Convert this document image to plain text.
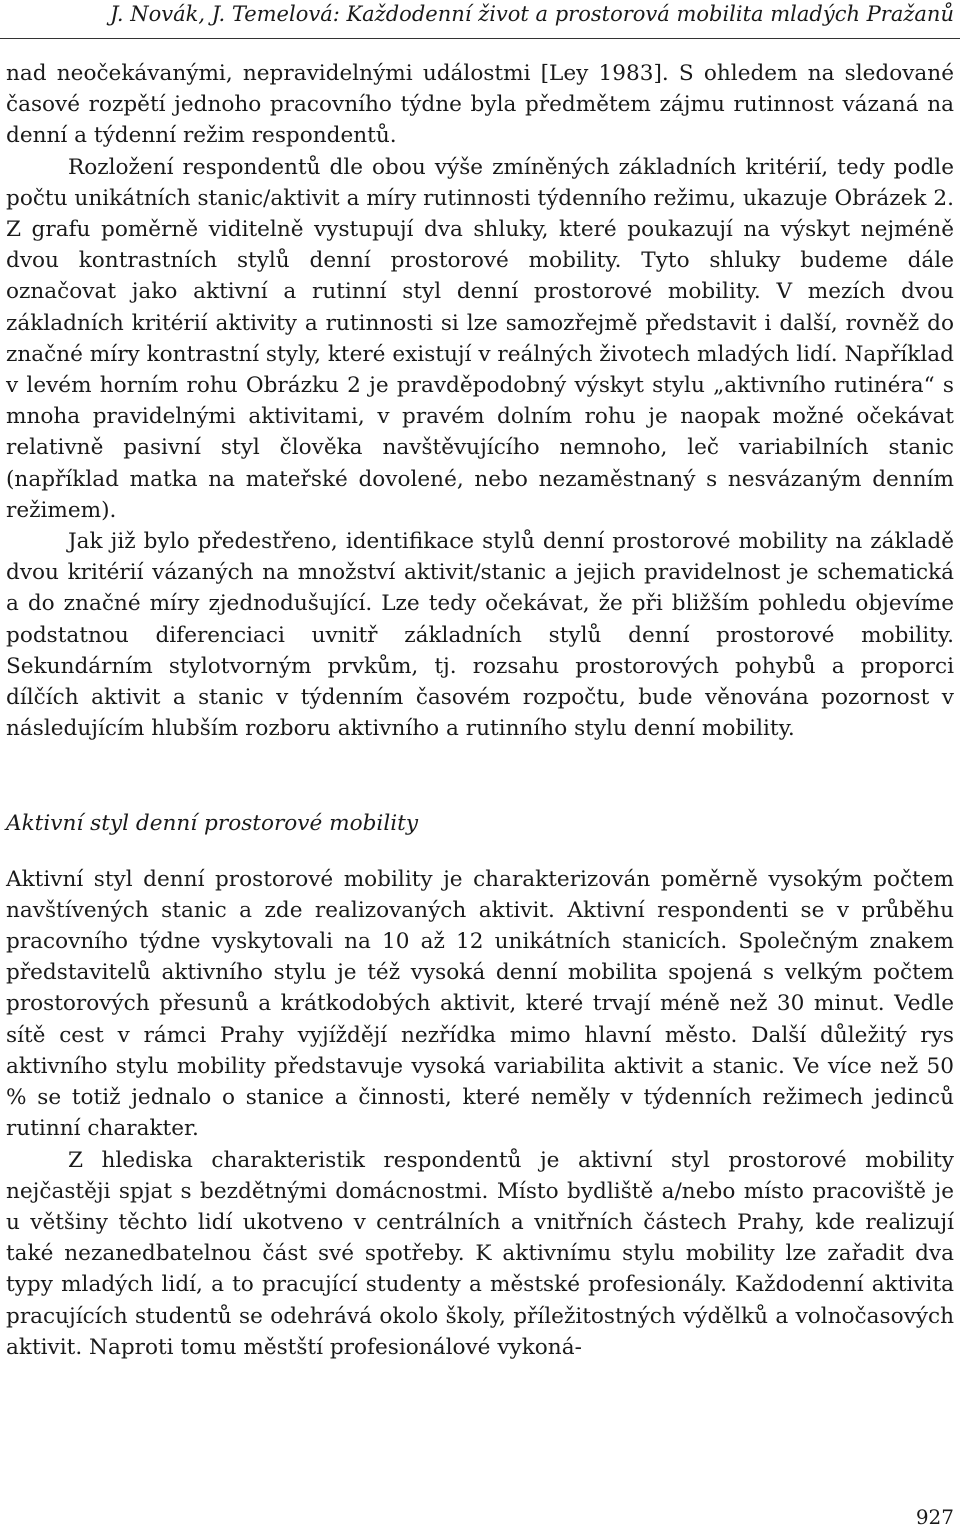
J. Novák, J. Temelová: Každodenní život a prostorová mobilita mladých Pražanů

nad neočekávanými, nepravidelnými událostmi [Ley 1983]. S ohledem na sledované časové rozpětí jednoho pracovního týdne byla předmětem zájmu rutinnost vázaná na denní a týdenní režim respondentů.

Rozložení respondentů dle obou výše zmíněných základních kritérií, tedy podle počtu unikátních stanic/aktivit a míry rutinnosti týdenního režimu, ukazuje Obrázek 2. Z grafu poměrně viditelně vystupují dva shluky, které poukazují na výskyt nejméně dvou kontrastních stylů denní prostorové mobility. Tyto shluky budeme dále označovat jako aktivní a rutinní styl denní prostorové mobility. V mezích dvou základních kritérií aktivity a rutinnosti si lze samozřejmě představit i další, rovněž do značné míry kontrastní styly, které existují v reálných životech mladých lidí. Například v levém horním rohu Obrázku 2 je pravděpodobný výskyt stylu „aktivního rutinéra“ s mnoha pravidelnými aktivitami, v pravém dolním rohu je naopak možné očekávat relativně pasivní styl člověka navštěvujícího nemnoho, leč variabilních stanic (například matka na mateřské dovolené, nebo nezaměstnaný s nesvázaným denním režimem).

Jak již bylo předestřeno, identifikace stylů denní prostorové mobility na základě dvou kritérií vázaných na množství aktivit/stanic a jejich pravidelnost je schematická a do značné míry zjednodušující. Lze tedy očekávat, že při bližším pohledu objevíme podstatnou diferenciaci uvnitř základních stylů denní prostorové mobility. Sekundárním stylotvorným prvkům, tj. rozsahu prostorových pohybů a proporci dílčích aktivit a stanic v týdenním časovém rozpočtu, bude věnována pozornost v následujícím hlubším rozboru aktivního a rutinního stylu denní mobility.

Aktivní styl denní prostorové mobility

Aktivní styl denní prostorové mobility je charakterizován poměrně vysokým počtem navštívených stanic a zde realizovaných aktivit. Aktivní respondenti se v průběhu pracovního týdne vyskytovali na 10 až 12 unikátních stanicích. Společným znakem představitelů aktivního stylu je též vysoká denní mobilita spojená s velkým počtem prostorových přesunů a krátkodobých aktivit, které trvají méně než 30 minut. Vedle sítě cest v rámci Prahy vyjíždějí nezřídka mimo hlavní město. Další důležitý rys aktivního stylu mobility představuje vysoká variabilita aktivit a stanic. Ve více než 50 % se totiž jednalo o stanice a činnosti, které neměly v týdenních režimech jedinců rutinní charakter.

Z hlediska charakteristik respondentů je aktivní styl prostorové mobility nejčastěji spjat s bezdětnými domácnostmi. Místo bydliště a/nebo místo pracoviště je u většiny těchto lidí ukotveno v centrálních a vnitřních částech Prahy, kde realizují také nezanedbatelnou část své spotřeby. K aktivnímu stylu mobility lze zařadit dva typy mladých lidí, a to pracující studenty a městské profesionály. Každodenní aktivita pracujících studentů se odehrává okolo školy, příležitostných výdělků a volnočasových aktivit. Naproti tomu městští profesionálové vykoná-

927
